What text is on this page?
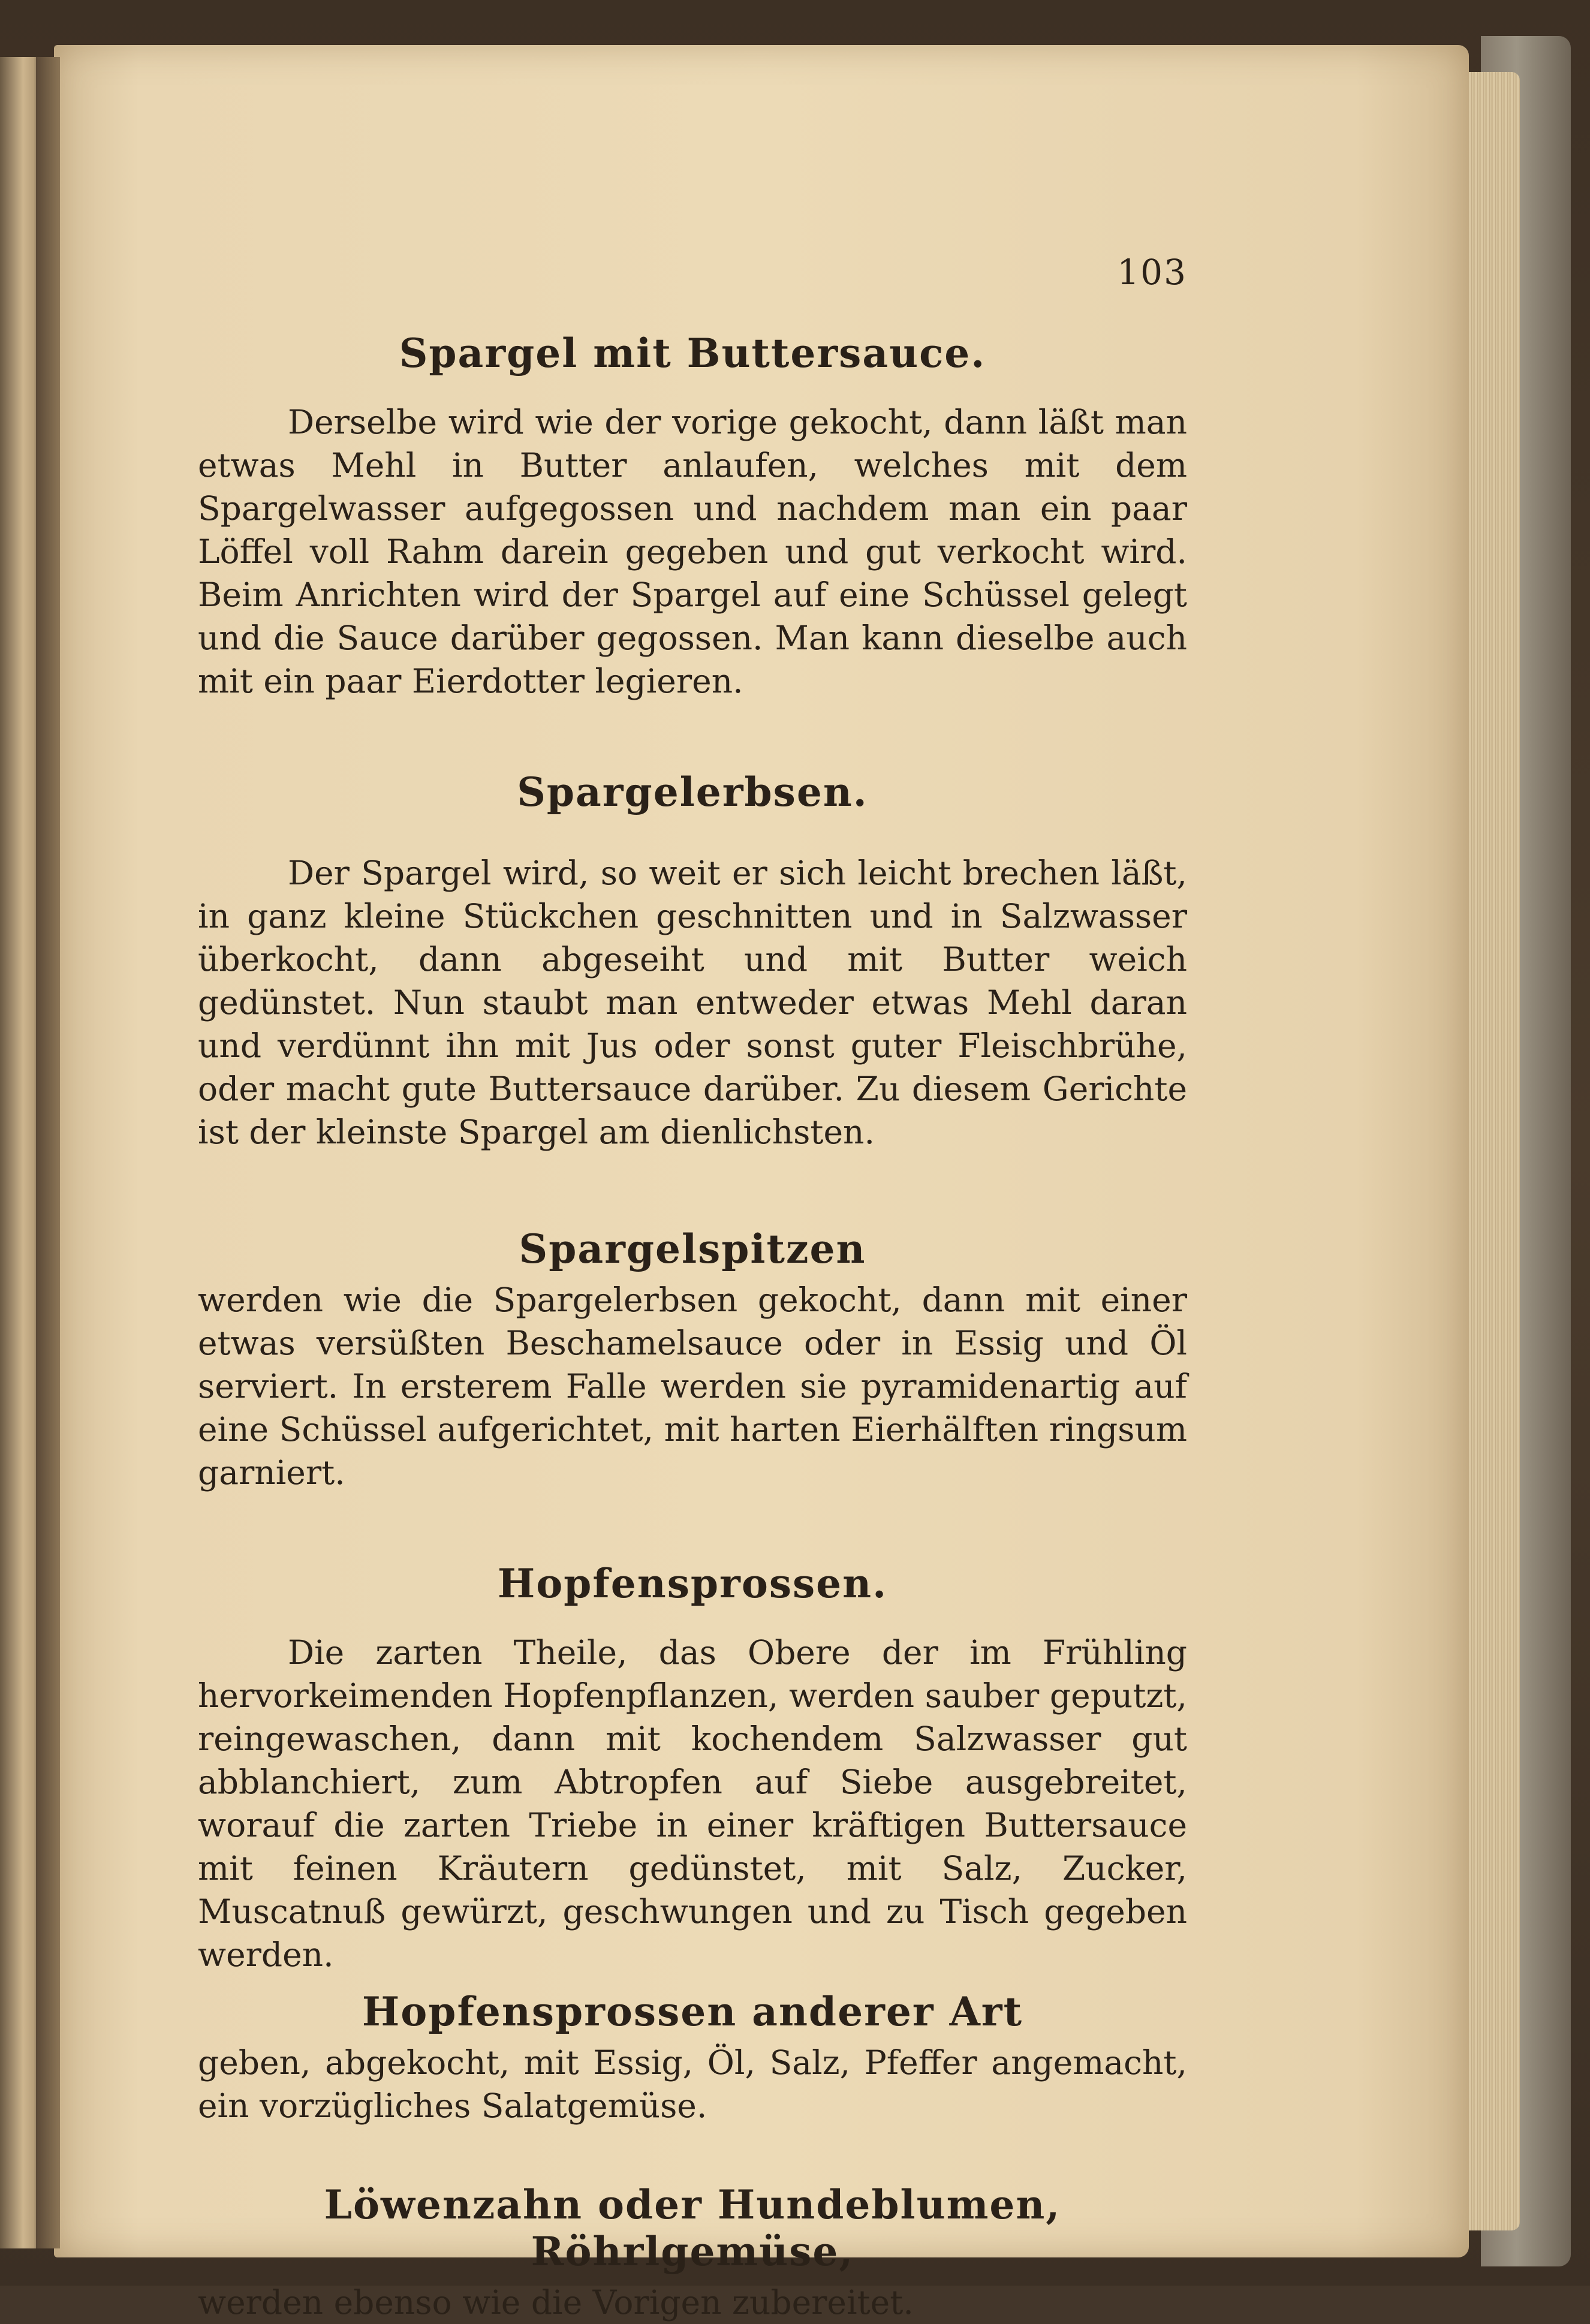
103
Spargel mit Buttersauce.

Derselbe wird wie der vorige gekocht, dann läßt man etwas Mehl in Butter anlaufen, welches mit dem Spargelwasser aufgegossen und nachdem man ein paar Löffel voll Rahm darein gegeben und gut verkocht wird. Beim Anrichten wird der Spargel auf eine Schüssel gelegt und die Sauce darüber gegossen. Man kann dieselbe auch mit ein paar Eierdotter legieren.

Spargelerbsen.

Der Spargel wird, so weit er sich leicht brechen läßt, in ganz kleine Stückchen geschnitten und in Salzwasser überkocht, dann abgeseiht und mit Butter weich gedünstet. Nun staubt man entweder etwas Mehl daran und verdünnt ihn mit Jus oder sonst guter Fleischbrühe, oder macht gute Buttersauce darüber. Zu diesem Gerichte ist der kleinste Spargel am dienlichsten.

Spargelspitzen

werden wie die Spargelerbsen gekocht, dann mit einer etwas versüßten Beschamelsauce oder in Essig und Öl serviert. In ersterem Falle werden sie pyramidenartig auf eine Schüssel aufgerichtet, mit harten Eierhälften ringsum garniert.

Hopfensprossen.

Die zarten Theile, das Obere der im Frühling hervorkeimenden Hopfenpflanzen, werden sauber geputzt, reingewaschen, dann mit kochendem Salzwasser gut abblanchiert, zum Abtropfen auf Siebe ausgebreitet, worauf die zarten Triebe in einer kräftigen Buttersauce mit feinen Kräutern gedünstet, mit Salz, Zucker, Muscatnuß gewürzt, geschwungen und zu Tisch gegeben werden.

Hopfensprossen anderer Art

geben, abgekocht, mit Essig, Öl, Salz, Pfeffer angemacht, ein vorzügliches Salatgemüse.

Löwenzahn oder Hundeblumen, Röhrlgemüse,

werden ebenso wie die Vorigen zubereitet.
